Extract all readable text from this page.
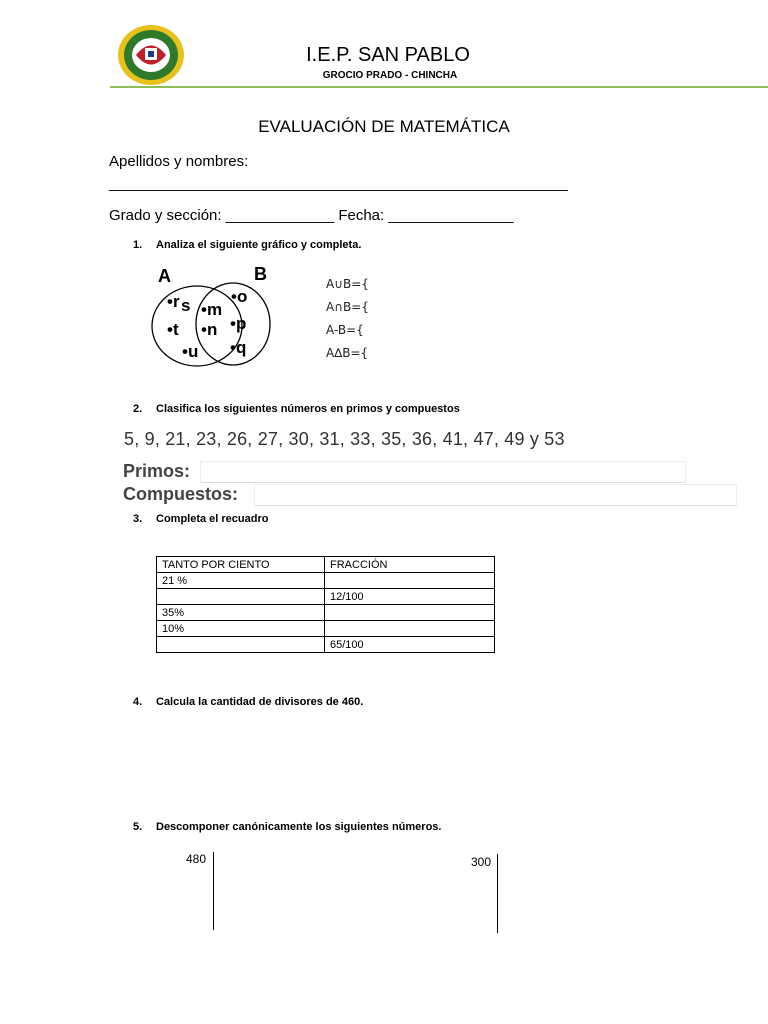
I.E.P. SAN PABLO
GROCIO PRADO - CHINCHA
EVALUACIÓN DE MATEMÁTICA
Apellidos y nombres:
_______________________________________________________
Grado y sección: _____________ Fecha: _______________
1. Analiza el siguiente gráfico y completa.
A	B
•r s
•t
•u
•m
•n
•o
•p
•q
A∪B={
A∩B={
A-B={
A∆B={
2. Clasifica los siguientes números en primos y compuestos
5, 9, 21, 23, 26, 27, 30, 31, 33, 35, 36, 41, 47, 49 y 53
Primos:
Compuestos:
3. Completa el recuadro
TANTO POR CIENTO	FRACCIÓN
21 %	
	12/100
35%	
10%	
	65/100
4. Calcula la cantidad de divisores de 460.
5. Descomponer canónicamente los siguientes números.
480	300
